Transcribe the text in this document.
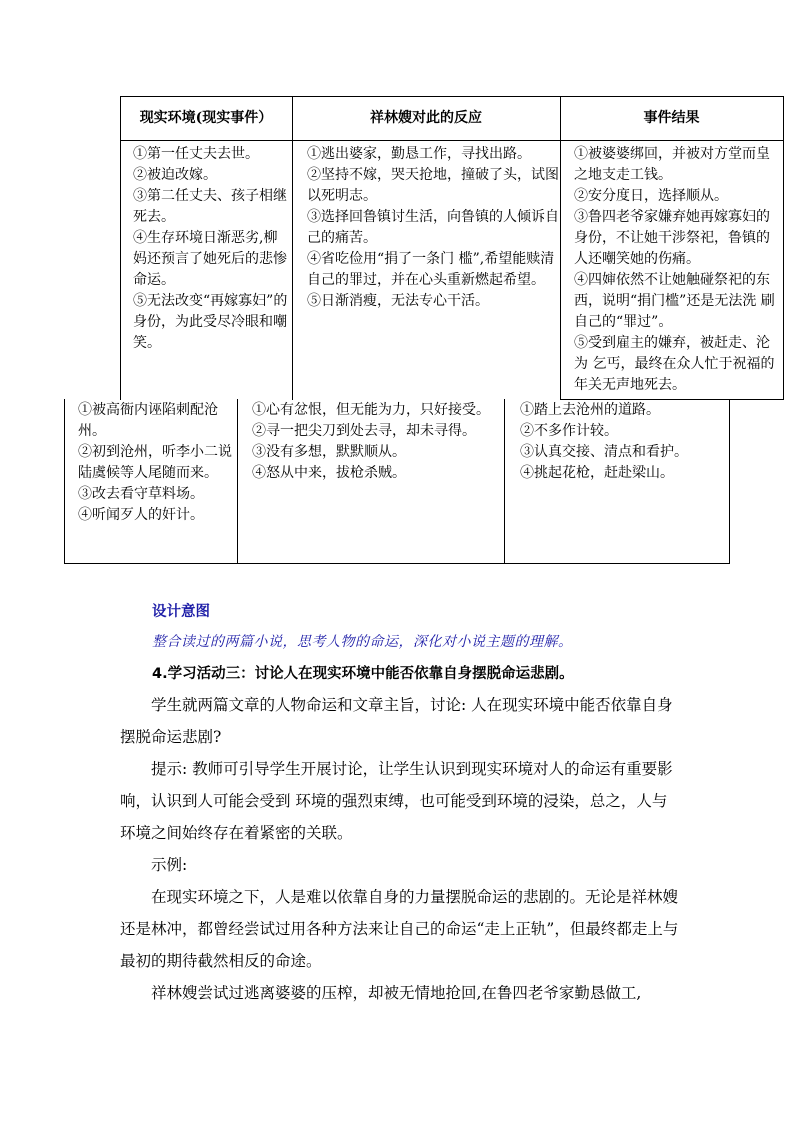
现实环境(现实事件）	祥林嫂对此的反应	事件结果

①第一任丈夫去世。

②被迫改嫁。

③第二任丈夫、孩子相继死去。

④生存环境日渐恶劣,柳妈还预言了她死后的悲惨命运。

⑤无法改变“再嫁寡妇”的身份，为此受尽冷眼和嘲笑。

①逃出婆家，勤恳工作，寻找出路。

②坚持不嫁，哭天抢地，撞破了头，试图以死明志。

③选择回鲁镇讨生活，向鲁镇的人倾诉自己的痛苦。

④省吃俭用“捐了一条门 槛”,希望能赎清自己的罪过，并在心头重新燃起希望。

⑤日渐消瘦，无法专心干活。

①被婆婆绑回，并被对方堂而皇之地支走工钱。

②安分度日，选择顺从。

③鲁四老爷家嫌弃她再嫁寡妇的身份，不让她干涉祭祀，鲁镇的人还嘲笑她的伤痛。

④四婶依然不让她触碰祭祀的东 西，说明“捐门槛”还是无法洗 刷自己的“罪过”。

⑤受到雇主的嫌弃，被赶走、沦为 乞丐，最终在众人忙于祝福的年关无声地死去。

①被高衙内诬陷刺配沧州。

②初到沧州，听李小二说陆虞候等人尾随而来。

③改去看守草料场。

④听闻歹人的奸计。

①心有忿恨，但无能为力，只好接受。

②寻一把尖刀到处去寻，却未寻得。

③没有多想，默默顺从。

④怒从中来，拔枪杀贼。

①踏上去沧州的道路。

②不多作计较。

③认真交接、清点和看护。

④挑起花枪，赶赴梁山。

设计意图
整合读过的两篇小说，思考人物的命运，深化对小说主题的理解。
4.学习活动三：讨论人在现实环境中能否依靠自身摆脱命运悲剧。

学生就两篇文章的人物命运和文章主旨，讨论: 人在现实环境中能否依靠自身摆脱命运悲剧?

提示: 教师可引导学生开展讨论，让学生认识到现实环境对人的命运有重要影响，认识到人可能会受到 环境的强烈束缚，也可能受到环境的浸染，总之，人与环境之间始终存在着紧密的关联。

示例:

在现实环境之下，人是难以依靠自身的力量摆脱命运的悲剧的。无论是祥林嫂还是林冲，都曾经尝试过用各种方法来让自己的命运“走上正轨”，但最终都走上与最初的期待截然相反的命途。

祥林嫂尝试过逃离婆婆的压榨，却被无情地抢回,在鲁四老爷家勤恳做工,
